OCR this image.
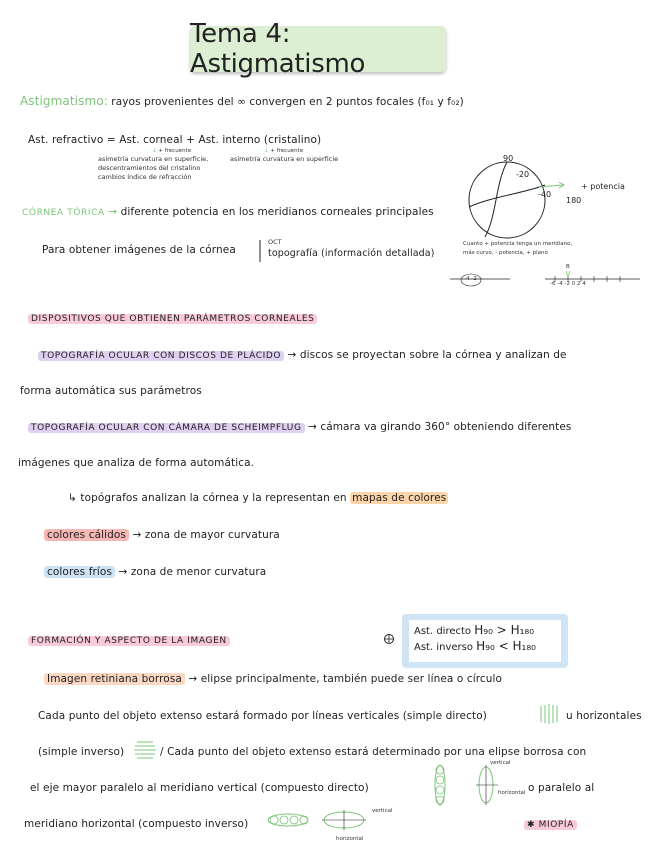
Tema 4: Astigmatismo
Astigmatismo: rayos provenientes del ∞ convergen en 2 puntos focales (f₀₁ y f₀₂)
Ast. refractivo = Ast. corneal + Ast. interno (cristalino)
↓ + frecuente	↓ + frecuente
asimetría curvatura en superficie,
descentramientos del cristalino
cambios índice de refracción
asimetría curvatura en superficie	90
-20
-40
180
+ potencia
Cuanto + potencia tenga un meridiano,
más curvo, - potencia, + plano
-4 -2
-6 -4 -2 0 2 4
B
CÓRNEA TÓRICA → diferente potencia en los meridianos corneales principales
Para obtener imágenes de la córnea
OCT
topografía (información detallada)
DISPOSITIVOS QUE OBTIENEN PARÁMETROS CORNEALES
TOPOGRAFÍA OCULAR CON DISCOS DE PLÁCIDO → discos se proyectan sobre la córnea y analizan de
forma automática sus parámetros
TOPOGRAFÍA OCULAR CON CÁMARA DE SCHEIMPFLUG → cámara va girando 360° obteniendo diferentes
imágenes que analiza de forma automática.
↳ topógrafos analizan la córnea y la representan en mapas de colores
colores cálidos → zona de mayor curvatura
colores fríos → zona de menor curvatura
FORMACIÓN Y ASPECTO DE LA IMAGEN
Ast. directo H₉₀ > H₁₈₀
Ast. inverso H₉₀ < H₁₈₀
Imagen retiniana borrosa → elipse principalmente, también puede ser línea o círculo
Cada punto del objeto extenso estará formado por líneas verticales (simple directo)	u horizontales
(simple inverso)	/ Cada punto del objeto extenso estará determinado por una elipse borrosa con
el eje mayor paralelo al meridiano vertical (compuesto directo)
vertical
horizontal o paralelo al
meridiano horizontal (compuesto inverso)
vertical
horizontal
✱ MIOPÍA
